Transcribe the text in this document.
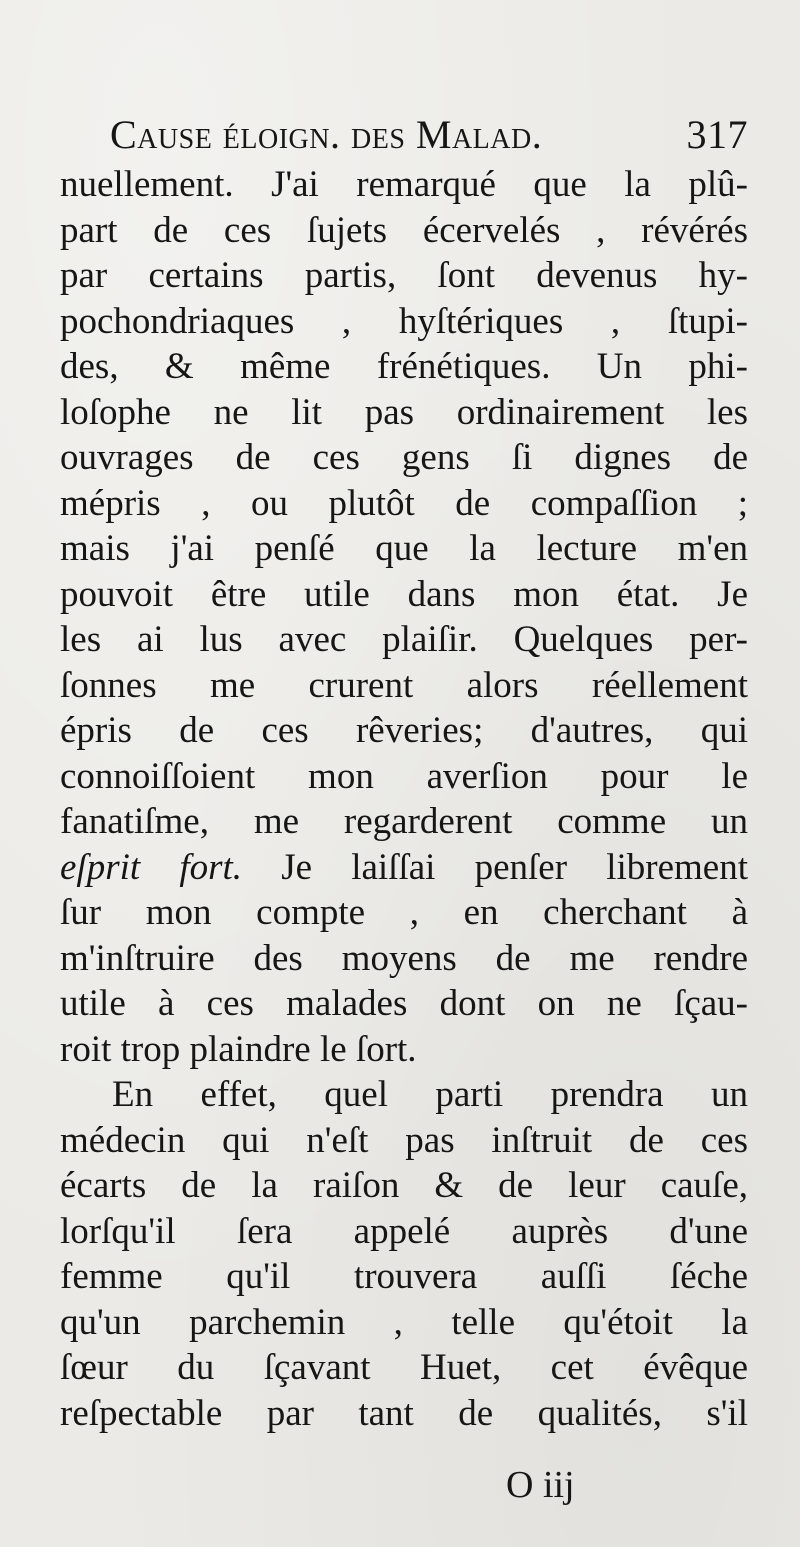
Cause éloign. des Malad.	317
nuellement. J'ai remarqué que la plû-
part de ces ſujets écervelés , révérés
par certains partis, ſont devenus hy-
pochondriaques , hyſtériques , ſtupi-
des, & même frénétiques. Un phi-
loſophe ne lit pas ordinairement les
ouvrages de ces gens ſi dignes de
mépris , ou plutôt de compaſſion ;
mais j'ai penſé que la lecture m'en
pouvoit être utile dans mon état. Je
les ai lus avec plaiſir. Quelques per-
ſonnes me crurent alors réellement
épris de ces rêveries; d'autres, qui
connoiſſoient mon averſion pour le
fanatiſme, me regarderent comme un
eſprit fort. Je laiſſai penſer librement
ſur mon compte , en cherchant à
m'inſtruire des moyens de me rendre
utile à ces malades dont on ne ſçau-
roit trop plaindre le ſort.
En effet, quel parti prendra un
médecin qui n'eſt pas inſtruit de ces
écarts de la raiſon & de leur cauſe,
lorſqu'il ſera appelé auprès d'une
femme qu'il trouvera auſſi ſéche
qu'un parchemin , telle qu'étoit la
ſœur du ſçavant Huet, cet évêque
reſpectable par tant de qualités, s'il
O iij
